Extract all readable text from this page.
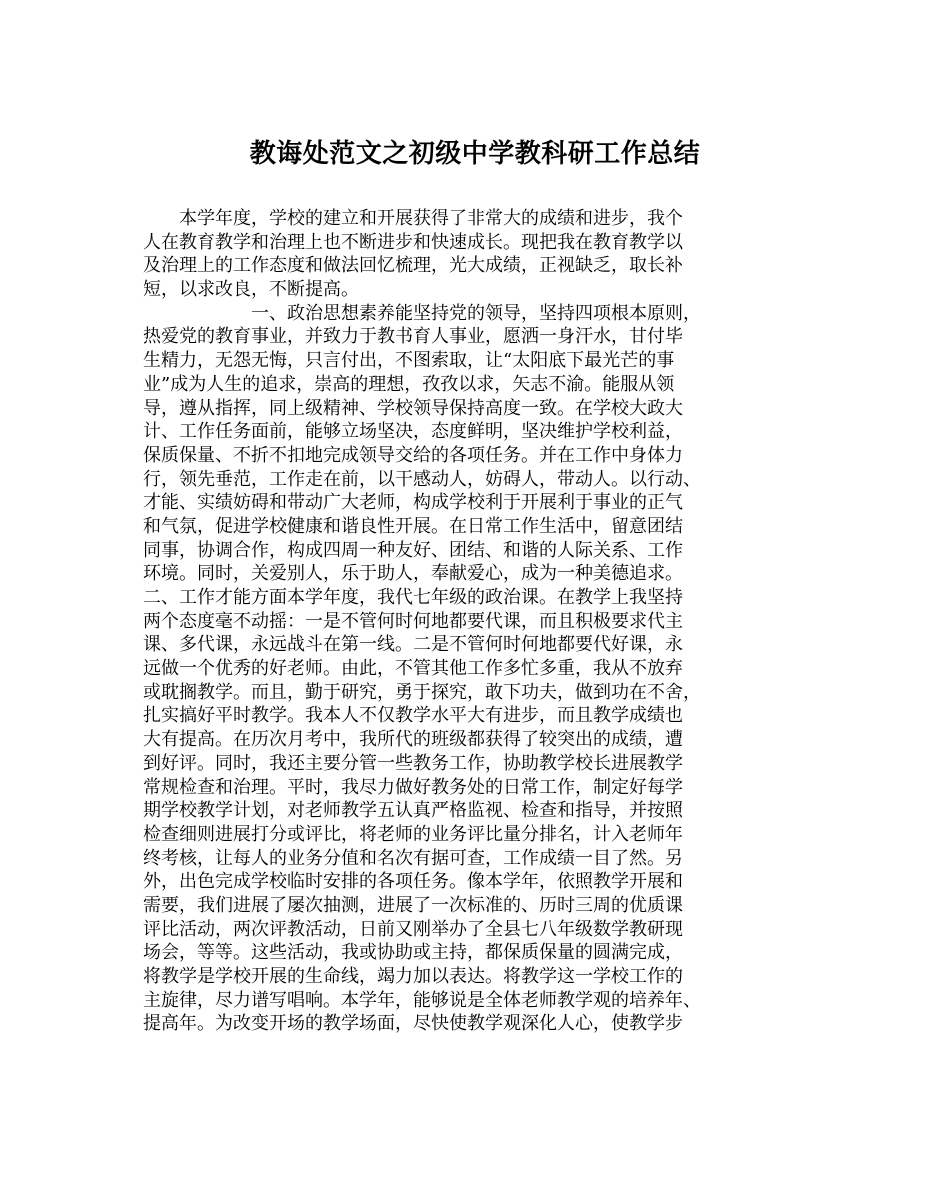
教诲处范文之初级中学教科研工作总结
　　本学年度，学校的建立和开展获得了非常大的成绩和进步，我个
人在教育教学和治理上也不断进步和快速成长。现把我在教育教学以
及治理上的工作态度和做法回忆梳理，光大成绩，正视缺乏，取长补
短，以求改良，不断提高。
　　　　　　一、政治思想素养能坚持党的领导，坚持四项根本原则，
热爱党的教育事业，并致力于教书育人事业，愿洒一身汗水，甘付毕
生精力，无怨无悔，只言付出，不图索取，让“太阳底下最光芒的事
业”成为人生的追求，崇高的理想，孜孜以求，矢志不渝。能服从领
导，遵从指挥，同上级精神、学校领导保持高度一致。在学校大政大
计、工作任务面前，能够立场坚决，态度鲜明，坚决维护学校利益，
保质保量、不折不扣地完成领导交给的各项任务。并在工作中身体力
行，领先垂范，工作走在前，以干感动人，妨碍人，带动人。以行动、
才能、实绩妨碍和带动广大老师，构成学校利于开展利于事业的正气
和气氛，促进学校健康和谐良性开展。在日常工作生活中，留意团结
同事，协调合作，构成四周一种友好、团结、和谐的人际关系、工作
环境。同时，关爱别人，乐于助人，奉献爱心，成为一种美德追求。
二、工作才能方面本学年度，我代七年级的政治课。在教学上我坚持
两个态度毫不动摇：一是不管何时何地都要代课，而且积极要求代主
课、多代课，永远战斗在第一线。二是不管何时何地都要代好课，永
远做一个优秀的好老师。由此，不管其他工作多忙多重，我从不放弃
或耽搁教学。而且，勤于研究，勇于探究，敢下功夫，做到功在不舍，
扎实搞好平时教学。我本人不仅教学水平大有进步，而且教学成绩也
大有提高。在历次月考中，我所代的班级都获得了较突出的成绩，遭
到好评。同时，我还主要分管一些教务工作，协助教学校长进展教学
常规检查和治理。平时，我尽力做好教务处的日常工作，制定好每学
期学校教学计划，对老师教学五认真严格监视、检查和指导，并按照
检查细则进展打分或评比，将老师的业务评比量分排名，计入老师年
终考核，让每人的业务分值和名次有据可查，工作成绩一目了然。另
外，出色完成学校临时安排的各项任务。像本学年，依照教学开展和
需要，我们进展了屡次抽测，进展了一次标准的、历时三周的优质课
评比活动，两次评教活动，日前又刚举办了全县七八年级数学教研现
场会，等等。这些活动，我或协助或主持，都保质保量的圆满完成，
将教学是学校开展的生命线，竭力加以表达。将教学这一学校工作的
主旋律，尽力谱写唱响。本学年，能够说是全体老师教学观的培养年、
提高年。为改变开场的教学场面，尽快使教学观深化人心，使教学步
